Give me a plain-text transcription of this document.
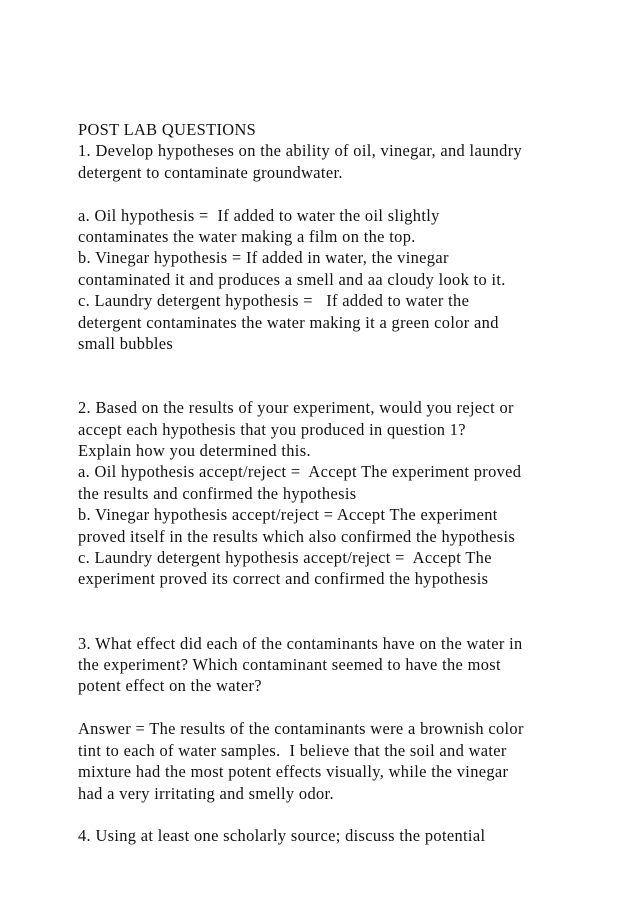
POST LAB QUESTIONS
1. Develop hypotheses on the ability of oil, vinegar, and laundry
detergent to contaminate groundwater.
a. Oil hypothesis =  If added to water the oil slightly
contaminates the water making a film on the top.
b. Vinegar hypothesis = If added in water, the vinegar
contaminated it and produces a smell and aa cloudy look to it.
c. Laundry detergent hypothesis =   If added to water the
detergent contaminates the water making it a green color and
small bubbles
2. Based on the results of your experiment, would you reject or
accept each hypothesis that you produced in question 1?
Explain how you determined this.
a. Oil hypothesis accept/reject =  Accept The experiment proved
the results and confirmed the hypothesis
b. Vinegar hypothesis accept/reject = Accept The experiment
proved itself in the results which also confirmed the hypothesis
c. Laundry detergent hypothesis accept/reject =  Accept The
experiment proved its correct and confirmed the hypothesis
3. What effect did each of the contaminants have on the water in
the experiment? Which contaminant seemed to have the most
potent effect on the water?
Answer = The results of the contaminants were a brownish color
tint to each of water samples.  I believe that the soil and water
mixture had the most potent effects visually, while the vinegar
had a very irritating and smelly odor.
4. Using at least one scholarly source; discuss the potential
